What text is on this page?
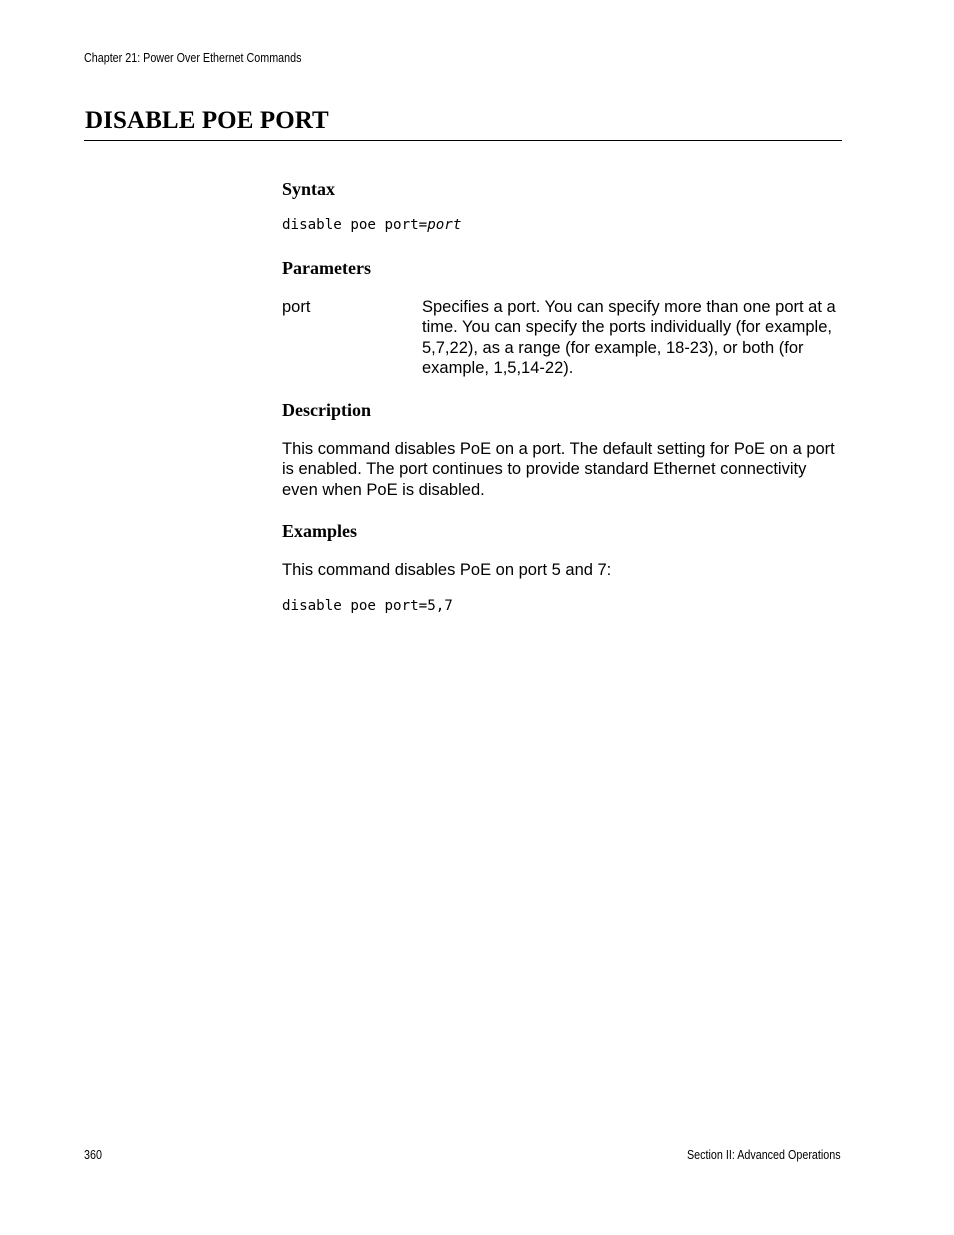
Chapter 21: Power Over Ethernet Commands
DISABLE POE PORT
Syntax
disable poe port=port
Parameters
port	Specifies a port. You can specify more than one port at a time. You can specify the ports individually (for example, 5,7,22), as a range (for example, 18-23), or both (for example, 1,5,14-22).
Description
This command disables PoE on a port. The default setting for PoE on a port is enabled. The port continues to provide standard Ethernet connectivity even when PoE is disabled.
Examples
This command disables PoE on port 5 and 7:
disable poe port=5,7
360	Section II: Advanced Operations
